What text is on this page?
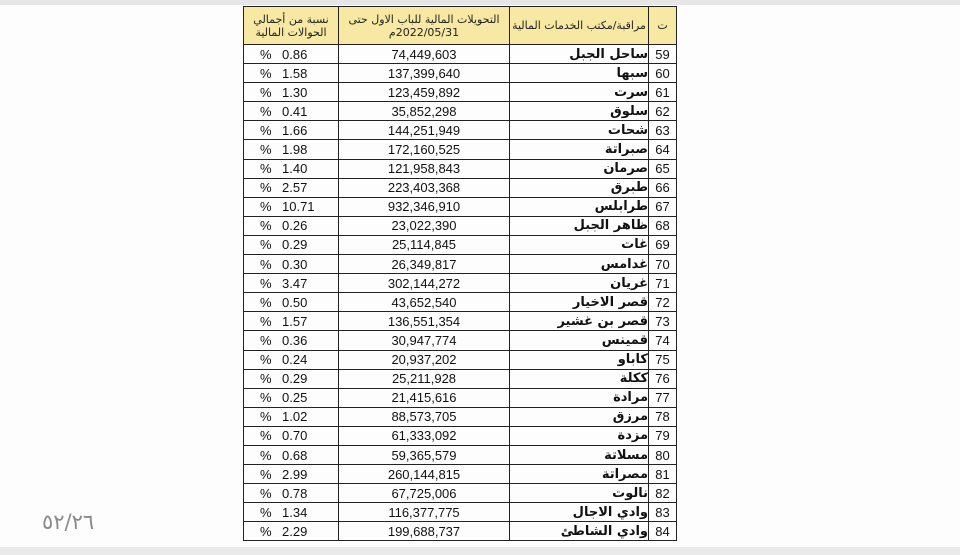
نسبة من أجمالي الحوالات المالية	التحويلات المالية للباب الاول حتى 2022/05/31م	مراقبة/مكتب الخدمات المالية	ت
% 0.86	74,449,603	ساحل الجبل	59
% 1.58	137,399,640	سبها	60
% 1.30	123,459,892	سرت	61
% 0.41	35,852,298	سلوق	62
% 1.66	144,251,949	شحات	63
% 1.98	172,160,525	صبراتة	64
% 1.40	121,958,843	صرمان	65
% 2.57	223,403,368	طبرق	66
% 10.71	932,346,910	طرابلس	67
% 0.26	23,022,390	ظاهر الجبل	68
% 0.29	25,114,845	غات	69
% 0.30	26,349,817	غدامس	70
% 3.47	302,144,272	غريان	71
% 0.50	43,652,540	قصر الاخيار	72
% 1.57	136,551,354	قصر بن غشير	73
% 0.36	30,947,774	قمينس	74
% 0.24	20,937,202	كاباو	75
% 0.29	25,211,928	ككلة	76
% 0.25	21,415,616	مرادة	77
% 1.02	88,573,705	مرزق	78
% 0.70	61,333,092	مزدة	79
% 0.68	59,365,579	مسلاتة	80
% 2.99	260,144,815	مصراتة	81
% 0.78	67,725,006	نالوت	82
% 1.34	116,377,775	وادي الاجال	83
% 2.29	199,688,737	وادي الشاطئ	84
٥٢/٢٦
